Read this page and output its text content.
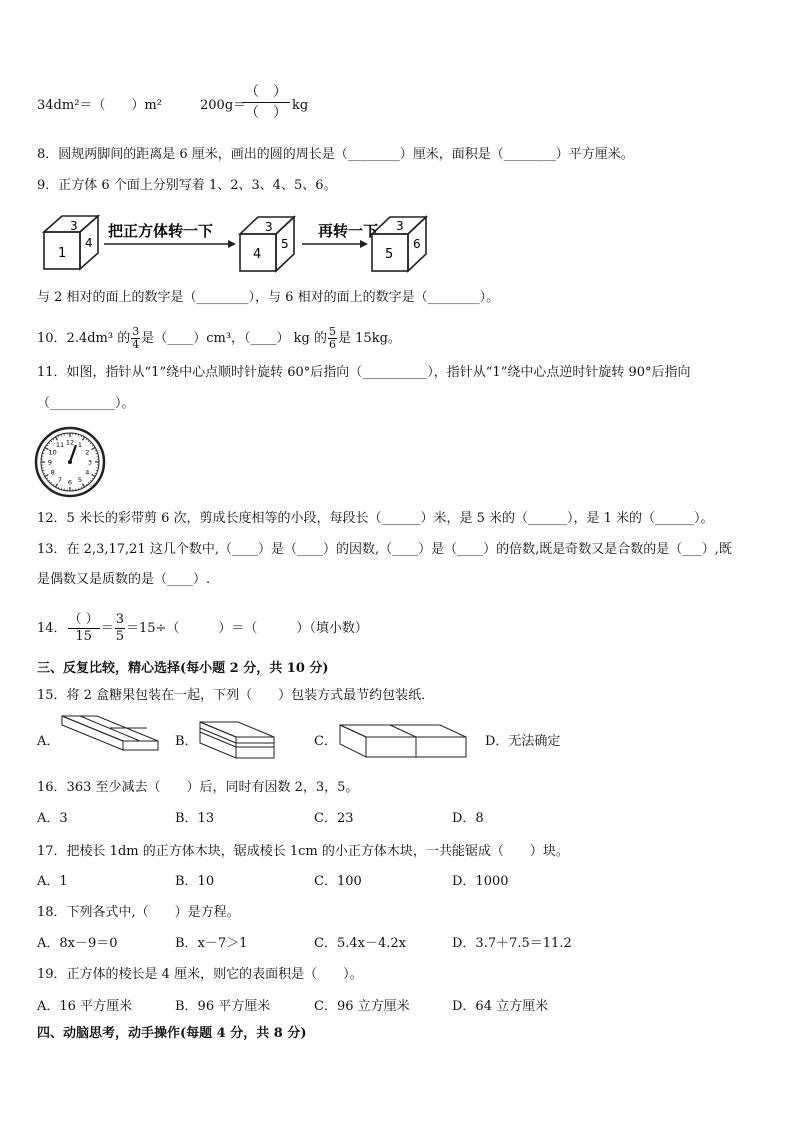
34dm²＝（　　）m²	200g＝
（　）
（　） kg
8．圆规两脚间的距离是 6 厘米，画出的圆的周长是（________）厘米，面积是（________）平方厘米。
9．正方体 6 个面上分别写着 1、2、3、4、5、6。
3
1
4
把正方体转一下	3
4
5
再转一下 3
5
6
与 2 相对的面上的数字是（________），与 6 相对的面上的数字是（________）。
10．2.4dm³ 的 $\frac{3}{4}$ 是（____）cm³，（____） kg 的 $\frac{5}{6}$ 是 15kg。
11．如图，指针从“1”绕中心点顺时针旋转 60°后指向（__________），指针从“1”绕中心点逆时针旋转 90°后指向
（__________）。
12 1
2
3
4
5
6
7
8
9
10
11
12．5 米长的彩带剪 6 次，剪成长度相等的小段，每段长（______）米，是 5 米的（______），是 1 米的（______）。
13．在 2,3,17,21 这几个数中,（____）是（____）的因数,（____）是（____）的倍数,既是奇数又是合数的是（___）,既
是偶数又是质数的是（____）.
14． $\frac{( )}{15} = \frac{3}{5} =15\div$（　　　）＝（　　　）（填小数）
三、反复比较，精心选择(每小题 2 分，共 10 分)
15．将 2 盒糖果包装在一起，下列（　　）包装方式最节约包装纸．
A．	B．	C．	D．无法确定
16．363 至少减去（　　）后，同时有因数 2，3，5。
A．3	B．13	C．23	D．8
17．把棱长 1dm 的正方体木块，锯成棱长 1cm 的小正方体木块，一共能锯成（　　）块。
A．1	B．10	C．100	D．1000
18．下列各式中,（　　）是方程。
A．8x－9＝0	B．x－7＞1	C．5.4x－4.2x	D．3.7＋7.5＝11.2
19．正方体的棱长是 4 厘米，则它的表面积是（　　）。
A．16 平方厘米	B．96 平方厘米	C．96 立方厘米	D．64 立方厘米
四、动脑思考，动手操作(每题 4 分，共 8 分)
